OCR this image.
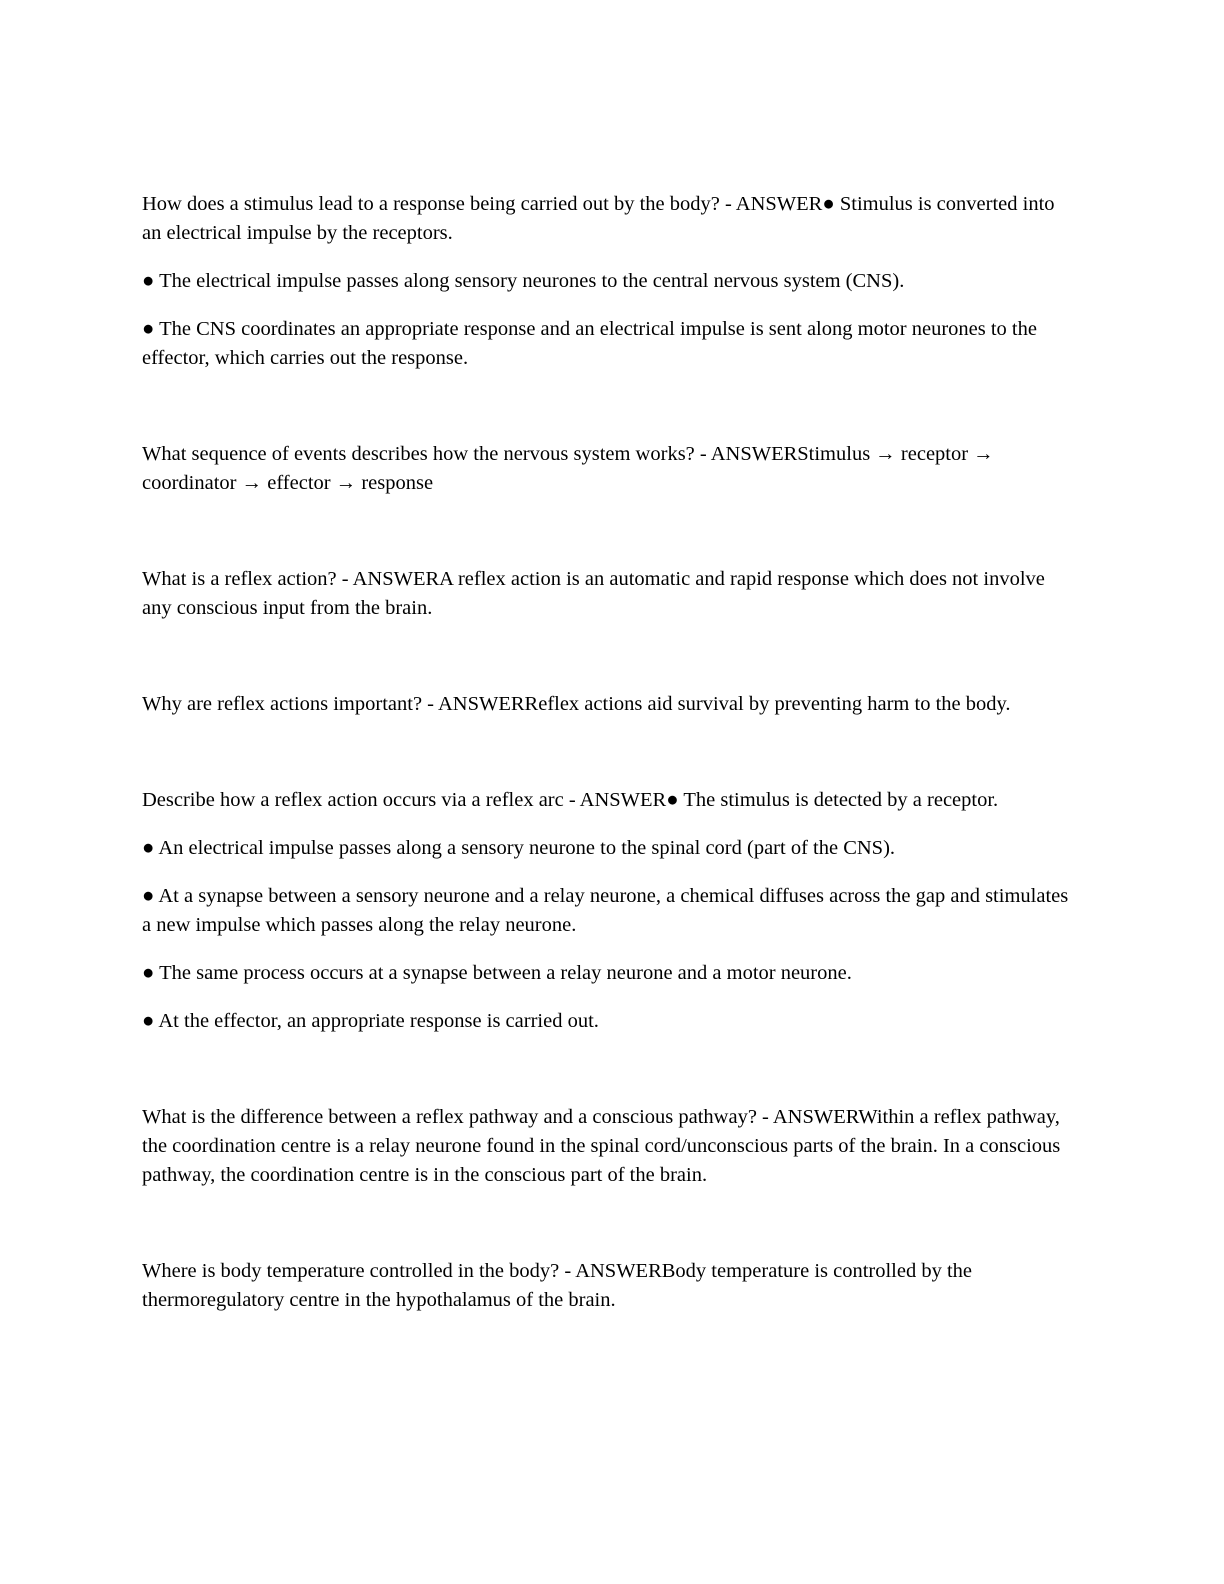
How does a stimulus lead to a response being carried out by the body? - ANSWER● Stimulus is converted into an electrical impulse by the receptors.

● The electrical impulse passes along sensory neurones to the central nervous system (CNS).

● The CNS coordinates an appropriate response and an electrical impulse is sent along motor neurones to the effector, which carries out the response.

What sequence of events describes how the nervous system works? - ANSWERStimulus → receptor → coordinator → effector → response

What is a reflex action? - ANSWERA reflex action is an automatic and rapid response which does not involve any conscious input from the brain.

Why are reflex actions important? - ANSWERReflex actions aid survival by preventing harm to the body.

Describe how a reflex action occurs via a reflex arc - ANSWER● The stimulus is detected by a receptor.

● An electrical impulse passes along a sensory neurone to the spinal cord (part of the CNS).

● At a synapse between a sensory neurone and a relay neurone, a chemical diffuses across the gap and stimulates a new impulse which passes along the relay neurone.

● The same process occurs at a synapse between a relay neurone and a motor neurone.

● At the effector, an appropriate response is carried out.

What is the difference between a reflex pathway and a conscious pathway? - ANSWERWithin a reflex pathway, the coordination centre is a relay neurone found in the spinal cord/unconscious parts of the brain. In a conscious pathway, the coordination centre is in the conscious part of the brain.

Where is body temperature controlled in the body? - ANSWERBody temperature is controlled by the thermoregulatory centre in the hypothalamus of the brain.
